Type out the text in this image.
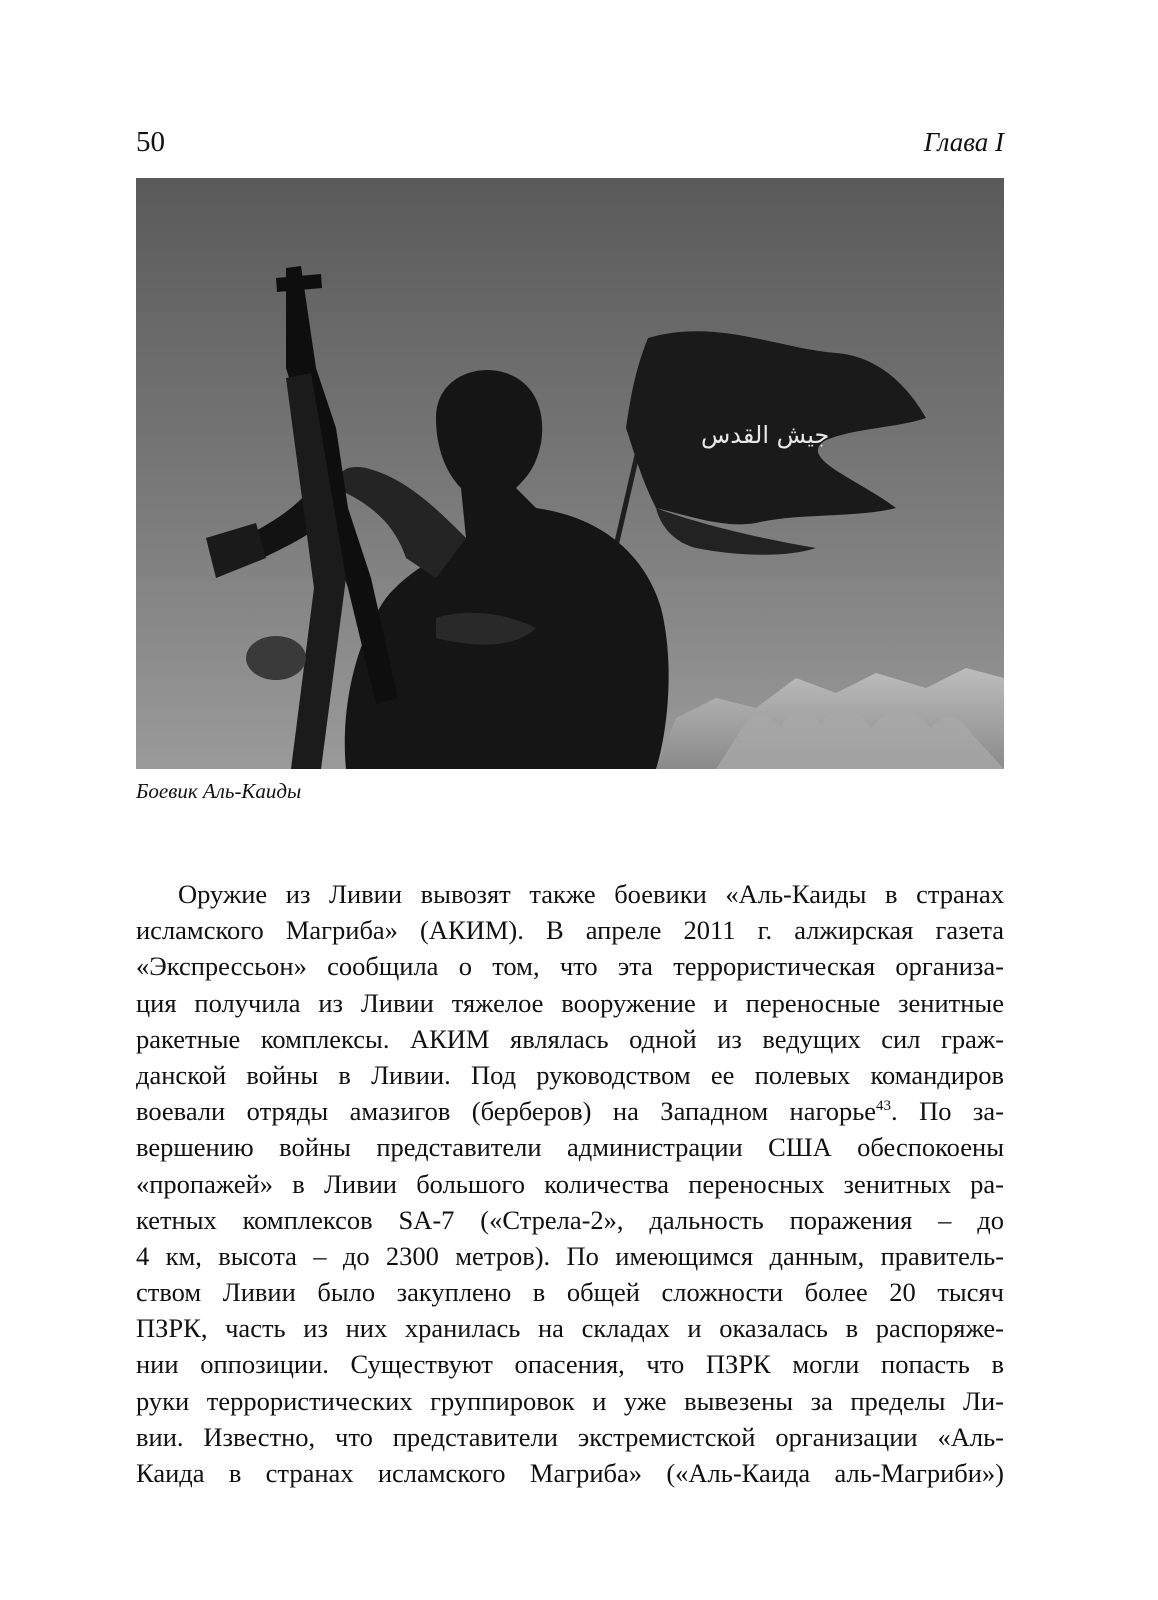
50	Глава I
جيش القدس
Боевик Аль-Каиды
Оружие из Ливии вывозят также боевики «Аль-Каиды в странах
исламского Магриба» (АКИМ). В апреле 2011 г. алжирская газета
«Экспрессьон» сообщила о том, что эта террористическая организа-
ция получила из Ливии тяжелое вооружение и переносные зенитные
ракетные комплексы. АКИМ являлась одной из ведущих сил граж-
данской войны в Ливии. Под руководством ее полевых командиров
воевали отряды амазигов (берберов) на Западном нагорье$^{43}$. По за-
вершению войны представители администрации США обеспокоены
«пропажей» в Ливии большого количества переносных зенитных ра-
кетных комплексов SA-7 («Стрела-2», дальность поражения – до
4 км, высота – до 2300 метров). По имеющимся данным, правитель-
ством Ливии было закуплено в общей сложности более 20 тысяч
ПЗРК, часть из них хранилась на складах и оказалась в распоряже-
нии оппозиции. Существуют опасения, что ПЗРК могли попасть в
руки террористических группировок и уже вывезены за пределы Ли-
вии. Известно, что представители экстремистской организации «Аль-
Каида в странах исламского Магриба» («Аль-Каида аль-Магриби»)
